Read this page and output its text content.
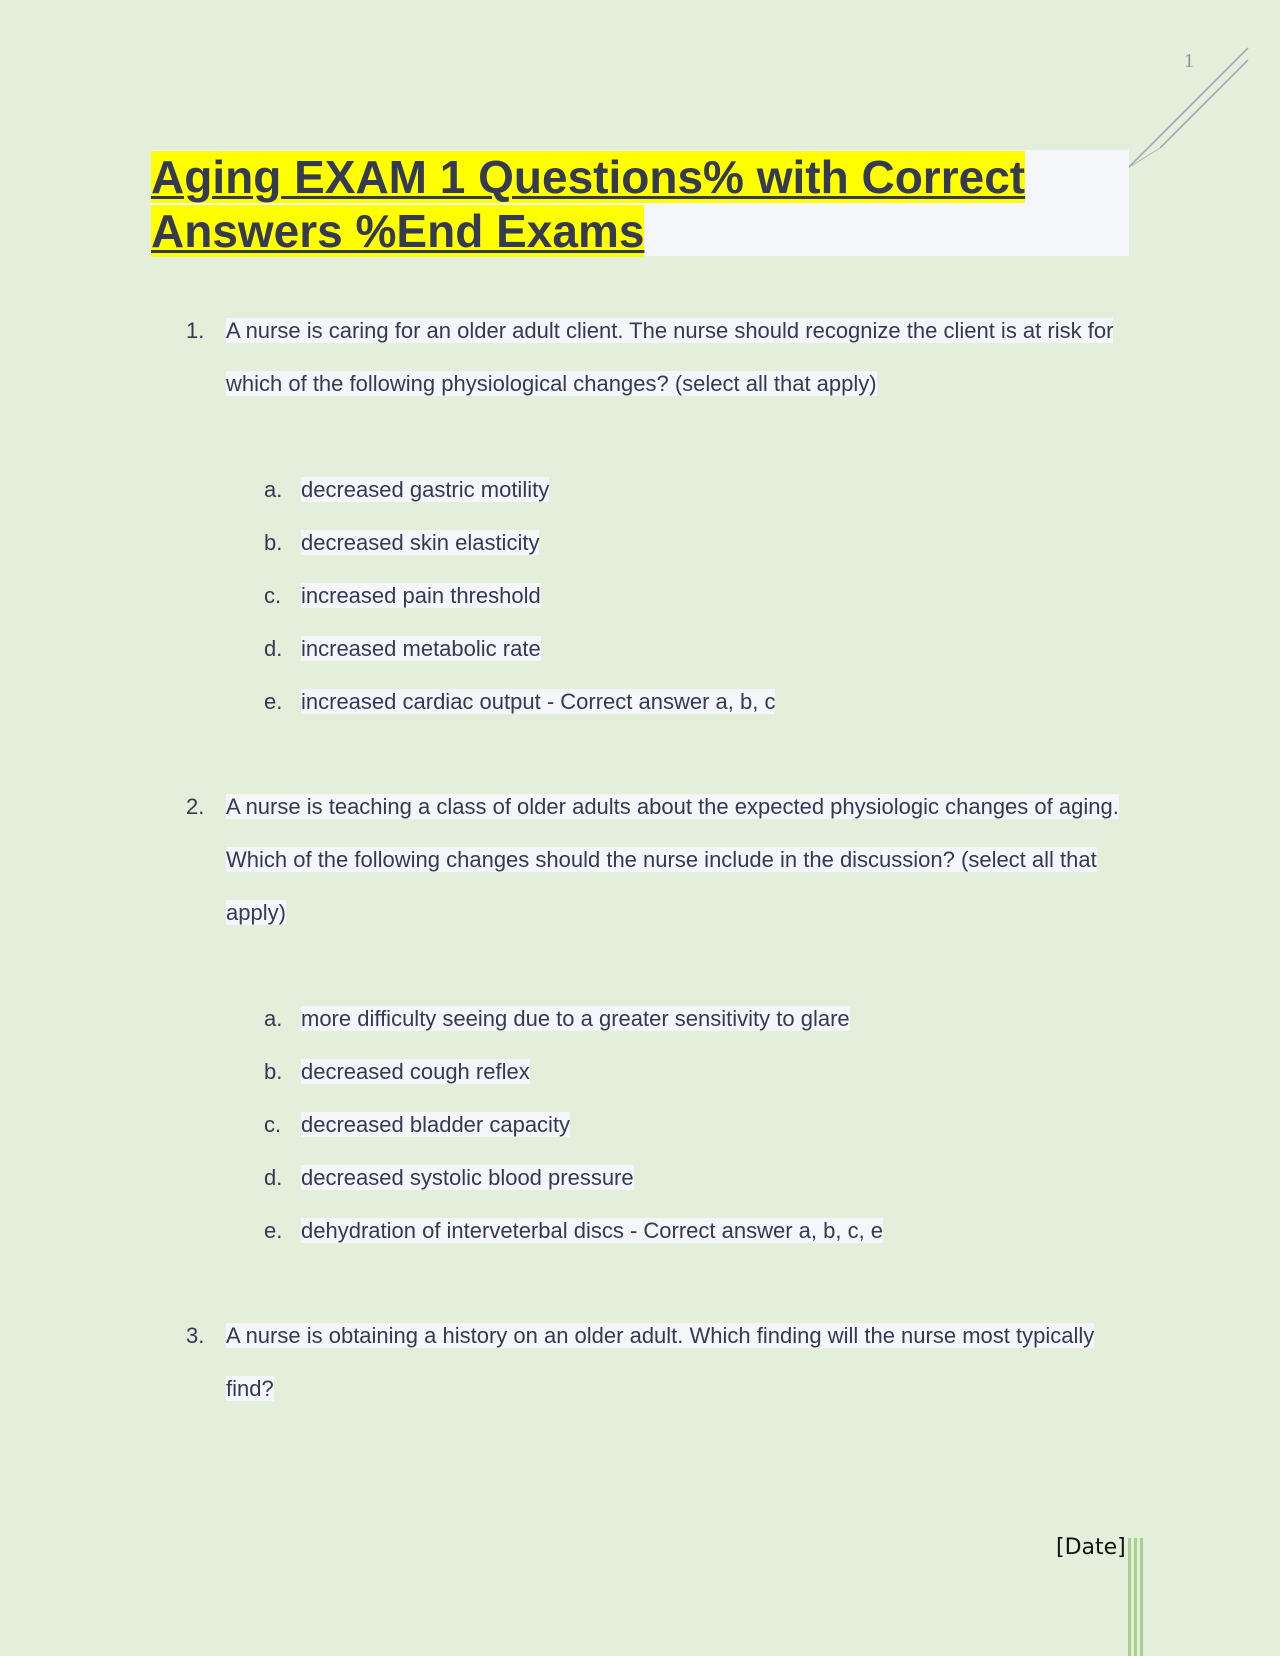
1
Aging EXAM 1 Questions% with Correct Answers %End Exams
1. A nurse is caring for an older adult client. The nurse should recognize the client is at risk for which of the following physiological changes? (select all that apply)
a. decreased gastric motility
b. decreased skin elasticity
c. increased pain threshold
d. increased metabolic rate
e. increased cardiac output - Correct answer a, b, c
2. A nurse is teaching a class of older adults about the expected physiologic changes of aging. Which of the following changes should the nurse include in the discussion? (select all that apply)
a. more difficulty seeing due to a greater sensitivity to glare
b. decreased cough reflex
c. decreased bladder capacity
d. decreased systolic blood pressure
e. dehydration of interveterbal discs - Correct answer a, b, c, e
3. A nurse is obtaining a history on an older adult. Which finding will the nurse most typically find?
[Date]
